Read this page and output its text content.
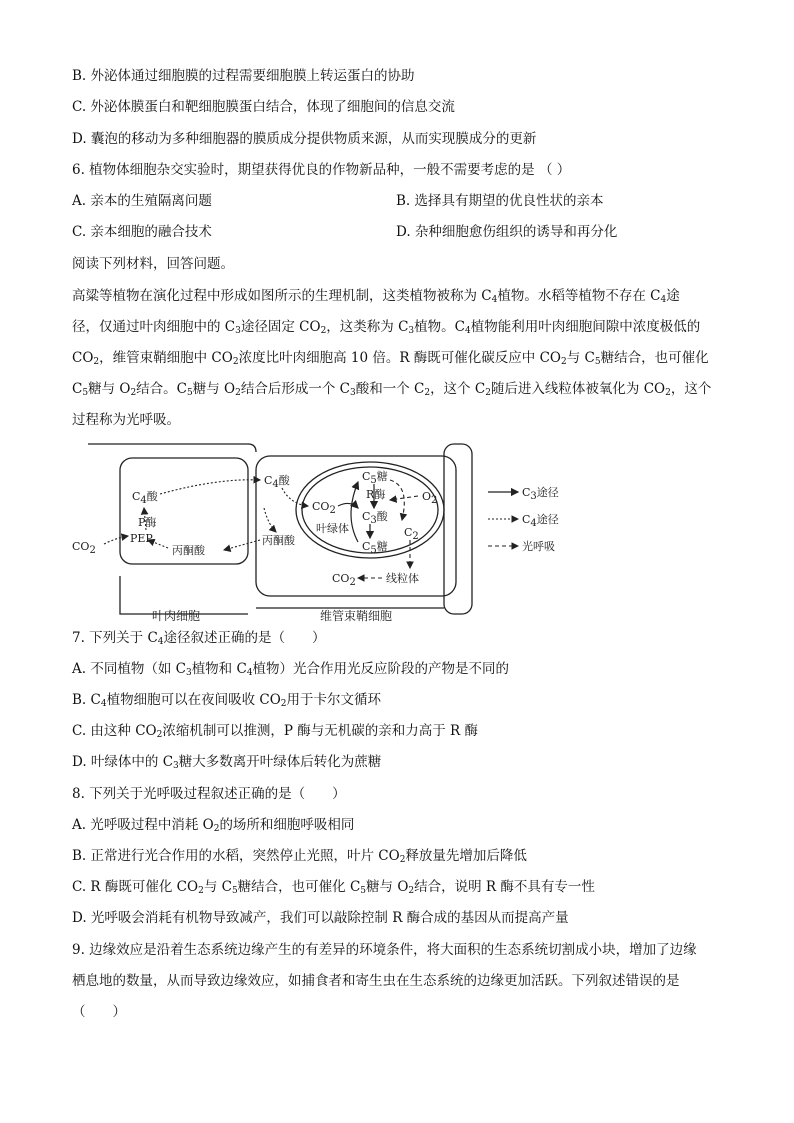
B. 外泌体通过细胞膜的过程需要细胞膜上转运蛋白的协助
C. 外泌体膜蛋白和靶细胞膜蛋白结合，体现了细胞间的信息交流
D. 囊泡的移动为多种细胞器的膜质成分提供物质来源，从而实现膜成分的更新
6. 植物体细胞杂交实验时，期望获得优良的作物新品种，一般不需要考虑的是 （ ）
A. 亲本的生殖隔离问题	B. 选择具有期望的优良性状的亲本
C. 亲本细胞的融合技术	D. 杂种细胞愈伤组织的诱导和再分化
阅读下列材料，回答问题。
高粱等植物在演化过程中形成如图所示的生理机制，这类植物被称为 $C_4$植物。水稻等植物不存在 $C_4$途
径，仅通过叶肉细胞中的 $C_3$途径固定 $CO_2$，这类称为 $C_3$植物。$C_4$植物能利用叶肉细胞间隙中浓度极低的
$CO_2$，维管束鞘细胞中 $CO_2$浓度比叶肉细胞高 10 倍。R 酶既可催化碳反应中 $CO_2$与 $C_5$糖结合，也可催化
$C_5$糖与 $O_2$结合。$C_5$糖与 $O_2$结合后形成一个 $C_3$酸和一个 $C_2$，这个 $C_2$随后进入线粒体被氧化为 $CO_2$，这个
过程称为光呼吸。
C4酸
P酶
PEP
丙酮酸
CO2
C4酸
丙酮酸
CO2
叶绿体
C5糖
R酶
C3酸
C5糖
C2
O2
线粒体
CO2
C3途径
C4途径
光呼吸
叶肉细胞	维管束鞘细胞
7. 下列关于 $C_4$途径叙述正确的是（　　）
A. 不同植物（如 $C_3$植物和 $C_4$植物）光合作用光反应阶段的产物是不同的
B. $C_4$植物细胞可以在夜间吸收 $CO_2$用于卡尔文循环
C. 由这种 $CO_2$浓缩机制可以推测，P 酶与无机碳的亲和力高于 R 酶
D. 叶绿体中的 $C_3$糖大多数离开叶绿体后转化为蔗糖
8. 下列关于光呼吸过程叙述正确的是（　　）
A. 光呼吸过程中消耗 $O_2$的场所和细胞呼吸相同
B. 正常进行光合作用的水稻，突然停止光照，叶片 $CO_2$释放量先增加后降低
C. R 酶既可催化 $CO_2$与 $C_5$糖结合，也可催化 $C_5$糖与 $O_2$结合，说明 R 酶不具有专一性
D. 光呼吸会消耗有机物导致减产，我们可以敲除控制 R 酶合成的基因从而提高产量
9. 边缘效应是沿着生态系统边缘产生的有差异的环境条件，将大面积的生态系统切割成小块，增加了边缘
栖息地的数量，从而导致边缘效应，如捕食者和寄生虫在生态系统的边缘更加活跃。下列叙述错误的是
（　　）
